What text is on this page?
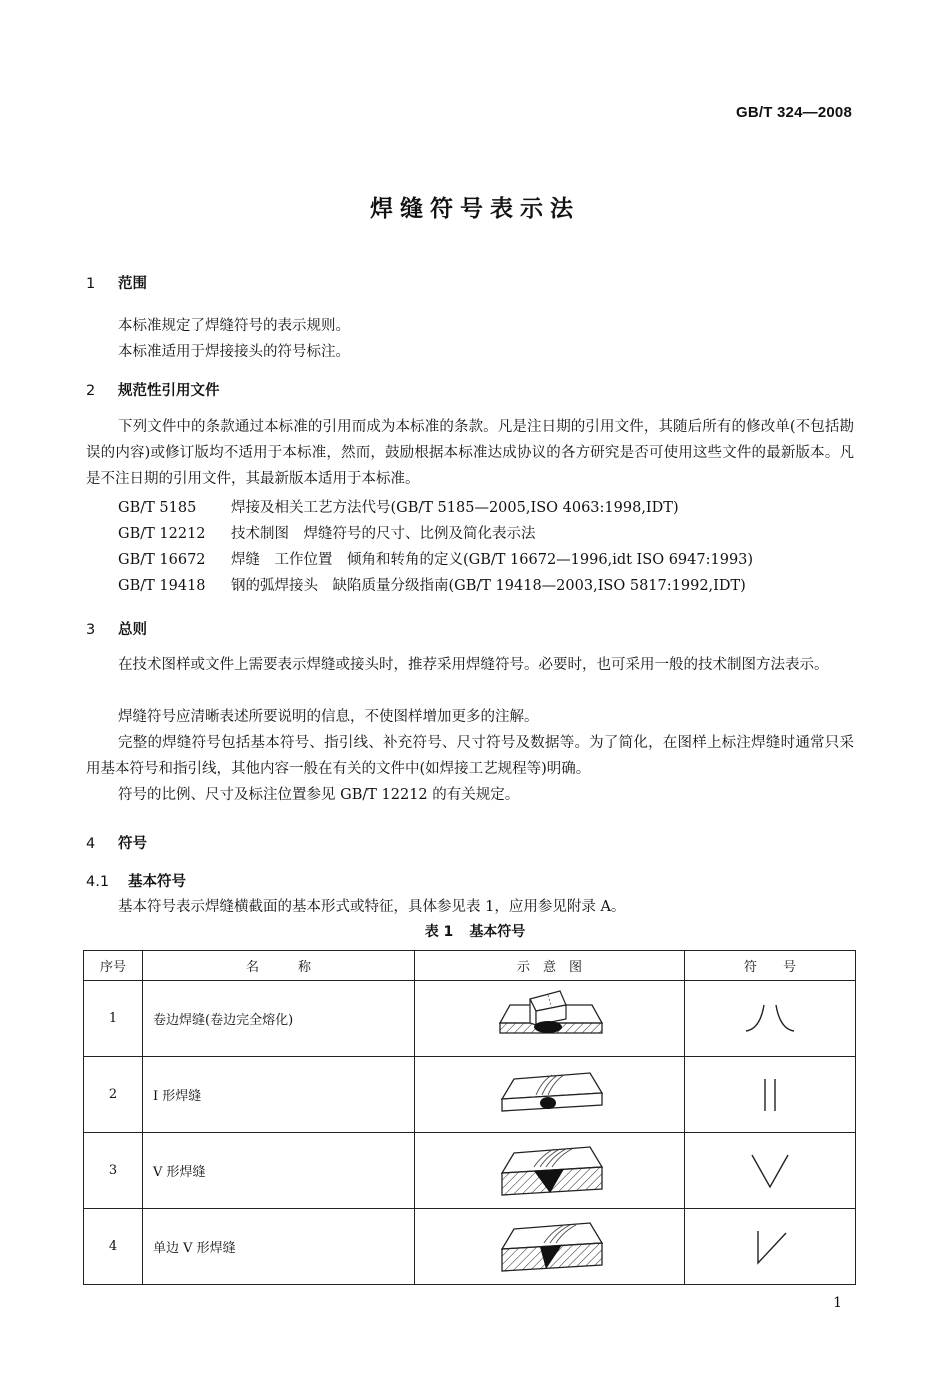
GB/T 324—2008
焊缝符号表示法
1 范围
本标准规定了焊缝符号的表示规则。
本标准适用于焊接接头的符号标注。
2 规范性引用文件
下列文件中的条款通过本标准的引用而成为本标准的条款。凡是注日期的引用文件，其随后所有的修改单(不包括勘误的内容)或修订版均不适用于本标准，然而，鼓励根据本标准达成协议的各方研究是否可使用这些文件的最新版本。凡是不注日期的引用文件，其最新版本适用于本标准。
GB/T 5185 焊接及相关工艺方法代号(GB/T 5185—2005,ISO 4063:1998,IDT)
GB/T 12212 技术制图　焊缝符号的尺寸、比例及简化表示法
GB/T 16672 焊缝　工作位置　倾角和转角的定义(GB/T 16672—1996,idt ISO 6947:1993)
GB/T 19418 钢的弧焊接头　缺陷质量分级指南(GB/T 19418—2003,ISO 5817:1992,IDT)
3 总则
在技术图样或文件上需要表示焊缝或接头时，推荐采用焊缝符号。必要时，也可采用一般的技术制图方法表示。
焊缝符号应清晰表述所要说明的信息，不使图样增加更多的注解。
完整的焊缝符号包括基本符号、指引线、补充符号、尺寸符号及数据等。为了简化，在图样上标注焊缝时通常只采用基本符号和指引线，其他内容一般在有关的文件中(如焊接工艺规程等)明确。
符号的比例、尺寸及标注位置参见 GB/T 12212 的有关规定。
4 符号
4.1 基本符号
基本符号表示焊缝横截面的基本形式或特征，具体参见表 1，应用参见附录 A。
表 1 基本符号
序号	名　　　称	示　意　图	符　　号
1	卷边焊缝(卷边完全熔化)	

2	I 形焊缝	

3	V 形焊缝	

4	单边 V 形焊缝	

1
